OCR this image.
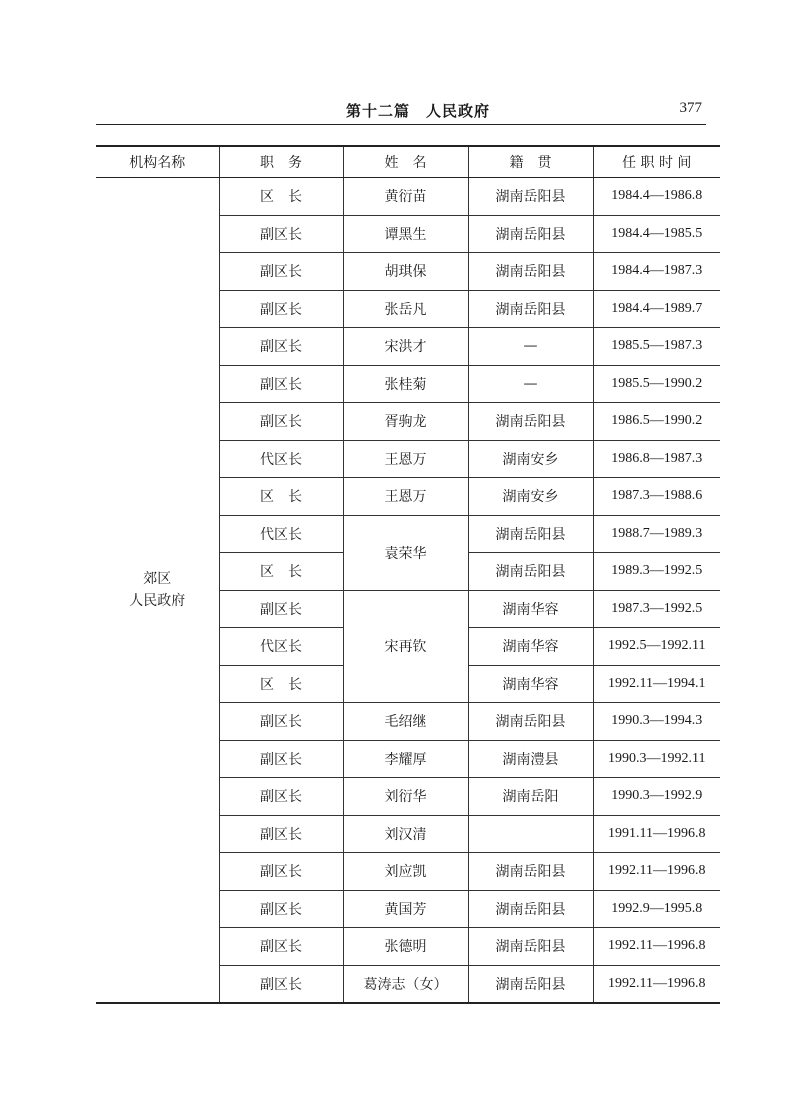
第十二篇　人民政府	377
机构名称	职　务	姓　名	籍　贯	任 职 时 间

郊区
人民政府	区　长	黄衍苗	湖南岳阳县	1984.4—1986.8
	副区长	谭黑生	湖南岳阳县	1984.4—1985.5
	副区长	胡琪保	湖南岳阳县	1984.4—1987.3
	副区长	张岳凡	湖南岳阳县	1984.4—1989.7
	副区长	宋洪才	—	1985.5—1987.3
	副区长	张桂菊	—	1985.5—1990.2
	副区长	胥驹龙	湖南岳阳县	1986.5—1990.2
	代区长	王恩万	湖南安乡	1986.8—1987.3
	区　长	王恩万	湖南安乡	1987.3—1988.6
	代区长	袁荣华	湖南岳阳县	1988.7—1989.3
	区　长		湖南岳阳县	1989.3—1992.5
	副区长	宋再钦	湖南华容	1987.3—1992.5
	代区长		湖南华容	1992.5—1992.11
	区　长		湖南华容	1992.11—1994.1
	副区长	毛绍继	湖南岳阳县	1990.3—1994.3
	副区长	李耀厚	湖南澧县	1990.3—1992.11
	副区长	刘衍华	湖南岳阳	1990.3—1992.9
	副区长	刘汉清		1991.11—1996.8
	副区长	刘应凯	湖南岳阳县	1992.11—1996.8
	副区长	黄国芳	湖南岳阳县	1992.9—1995.8
	副区长	张德明	湖南岳阳县	1992.11—1996.8
	副区长	葛涛志（女）	湖南岳阳县	1992.11—1996.8
